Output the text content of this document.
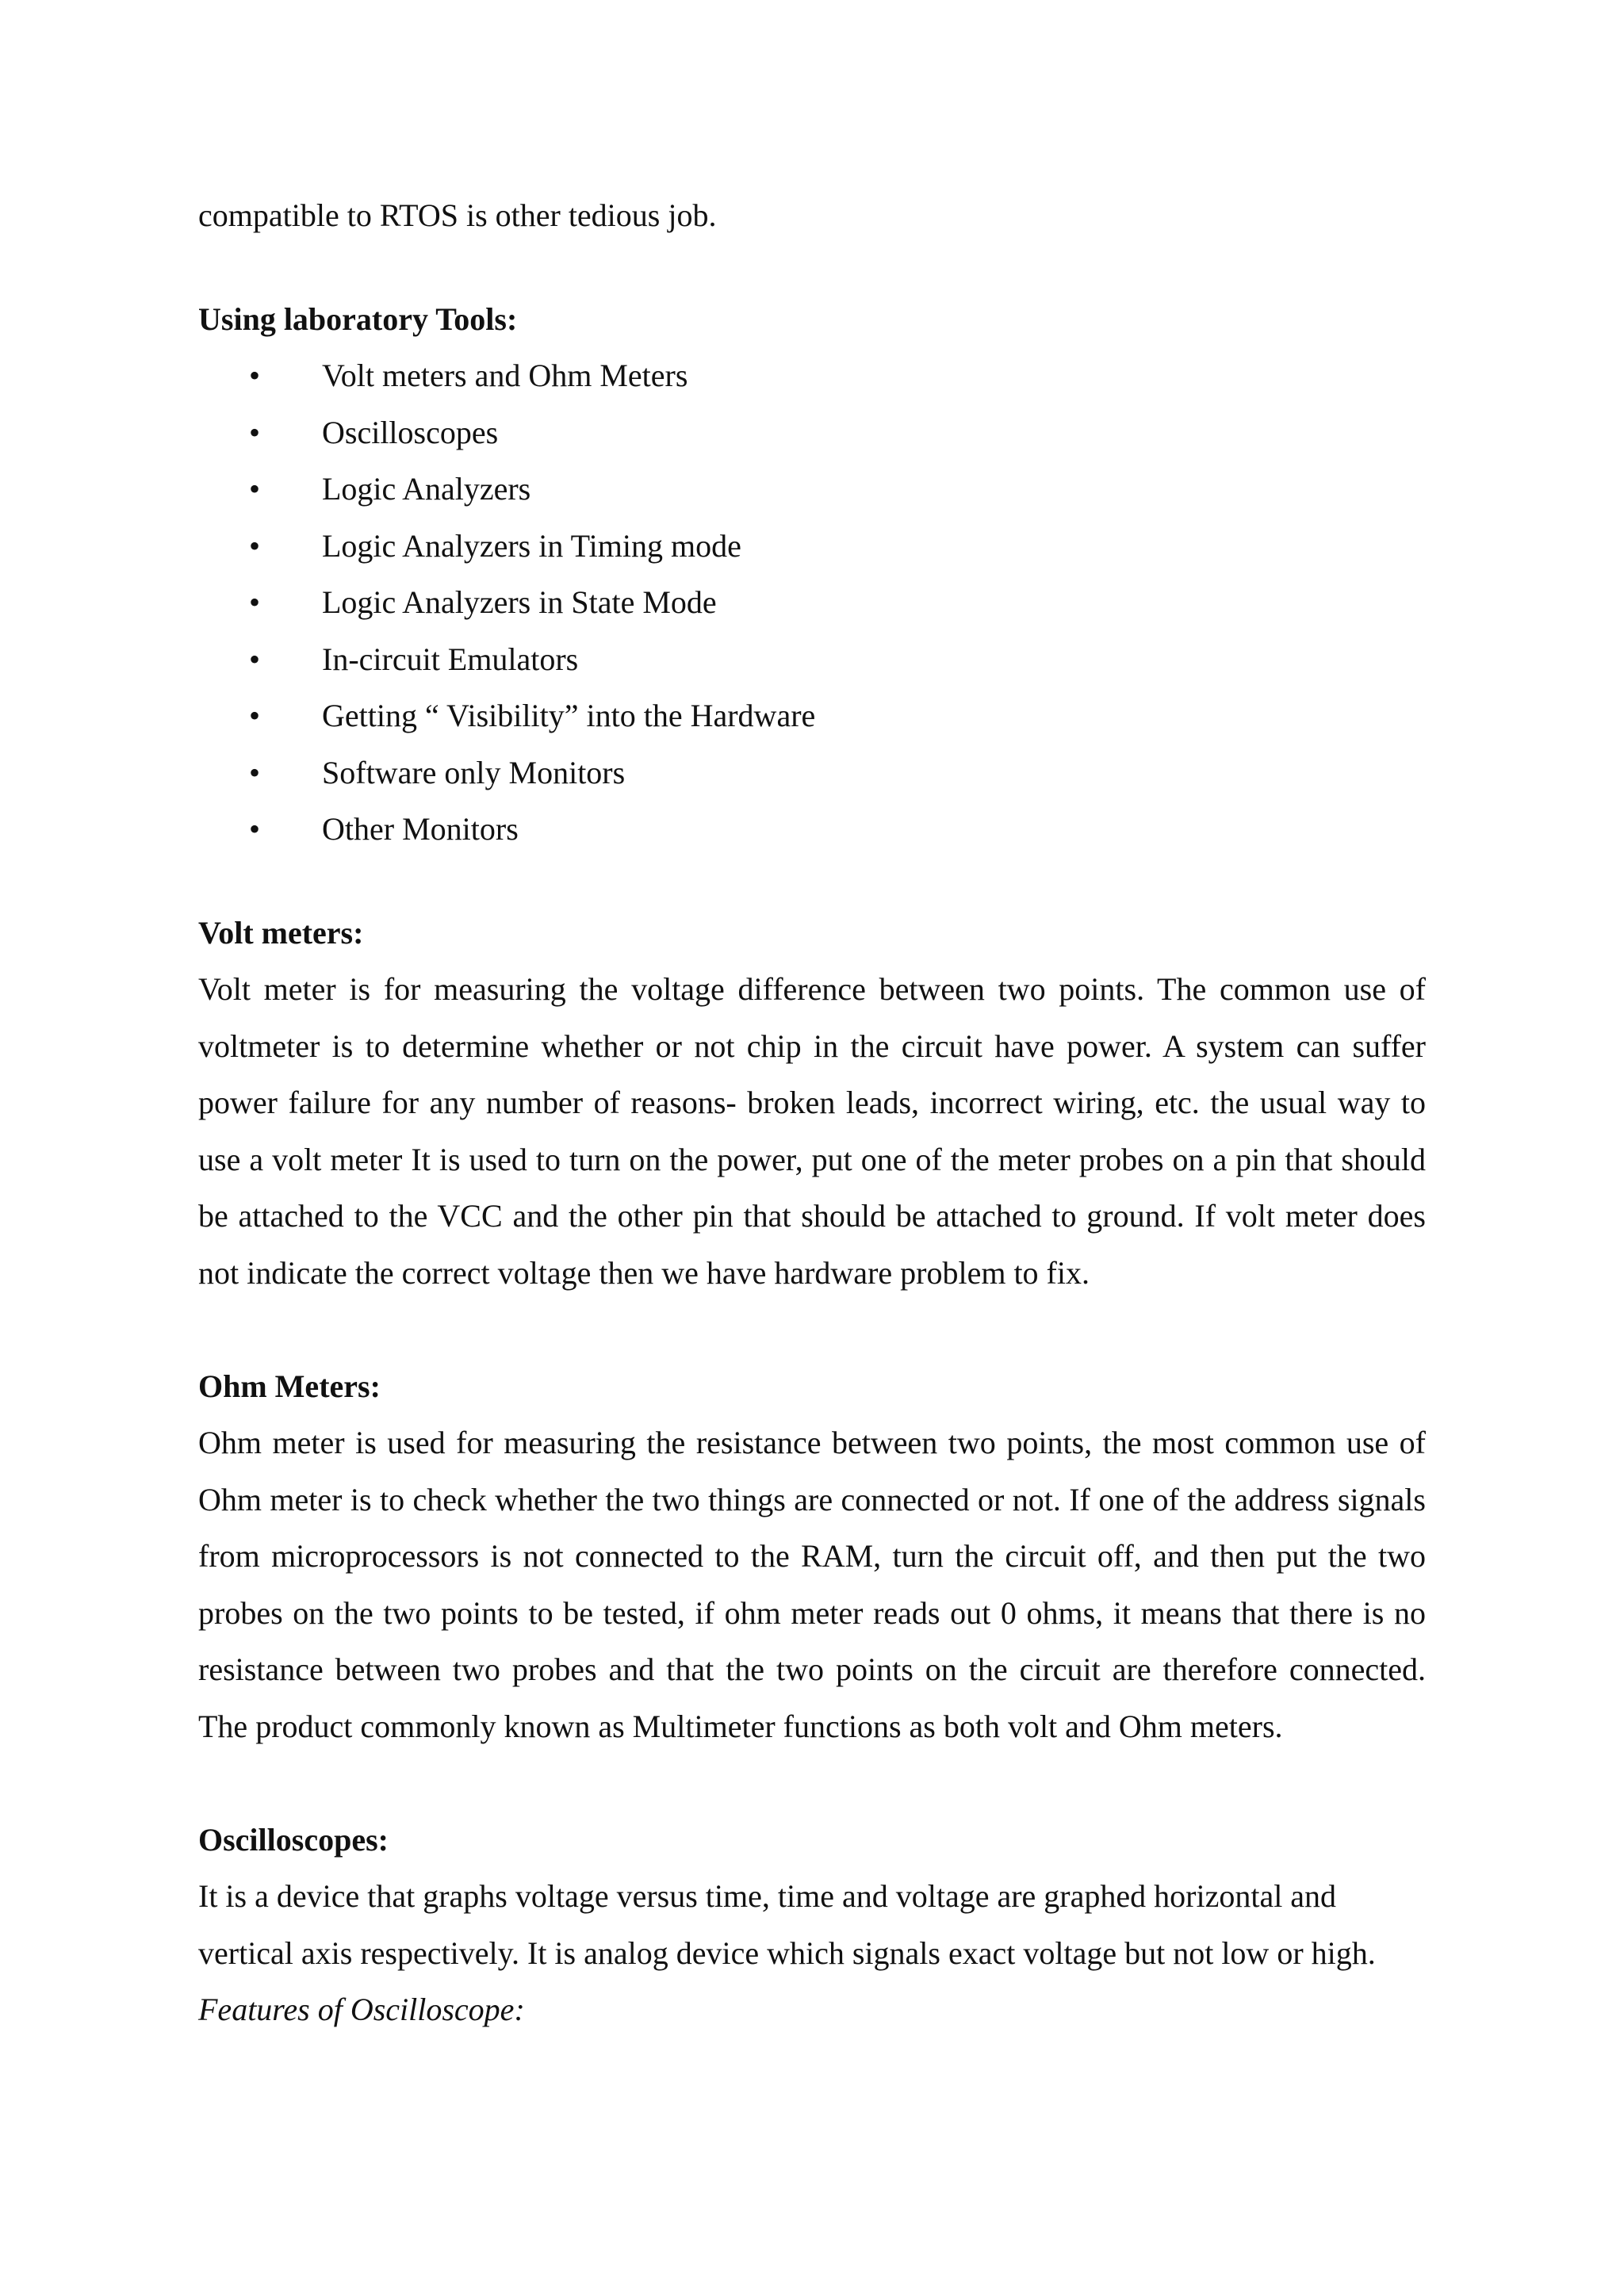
compatible to RTOS is other tedious job.

Using laboratory Tools:

• Volt meters and Ohm Meters
• Oscilloscopes
• Logic Analyzers
• Logic Analyzers in Timing mode
• Logic Analyzers in State Mode
• In-circuit Emulators
• Getting “ Visibility” into the Hardware
• Software only Monitors
• Other Monitors

Volt meters:

Volt meter is for measuring the voltage difference between two points. The common use of voltmeter is to determine whether or not chip in the circuit have power. A system can suffer power failure for any number of reasons- broken leads, incorrect wiring, etc. the usual way to use a volt meter It is used to turn on the power, put one of the meter probes on a pin that should be attached to the VCC and the other pin that should be attached to ground. If volt meter does not indicate the correct voltage then we have hardware problem to fix.

Ohm Meters:

Ohm meter is used for measuring the resistance between two points, the most common use of Ohm meter is to check whether the two things are connected or not. If one of the address signals from microprocessors is not connected to the RAM, turn the circuit off, and then put the two probes on the two points to be tested, if ohm meter reads out 0 ohms, it means that there is no resistance between two probes and that the two points on the circuit are therefore connected. The product commonly known as Multimeter functions as both volt and Ohm meters.

Oscilloscopes:

It is a device that graphs voltage versus time, time and voltage are graphed horizontal and

vertical axis respectively. It is analog device which signals exact voltage but not low or high.

Features of Oscilloscope:
